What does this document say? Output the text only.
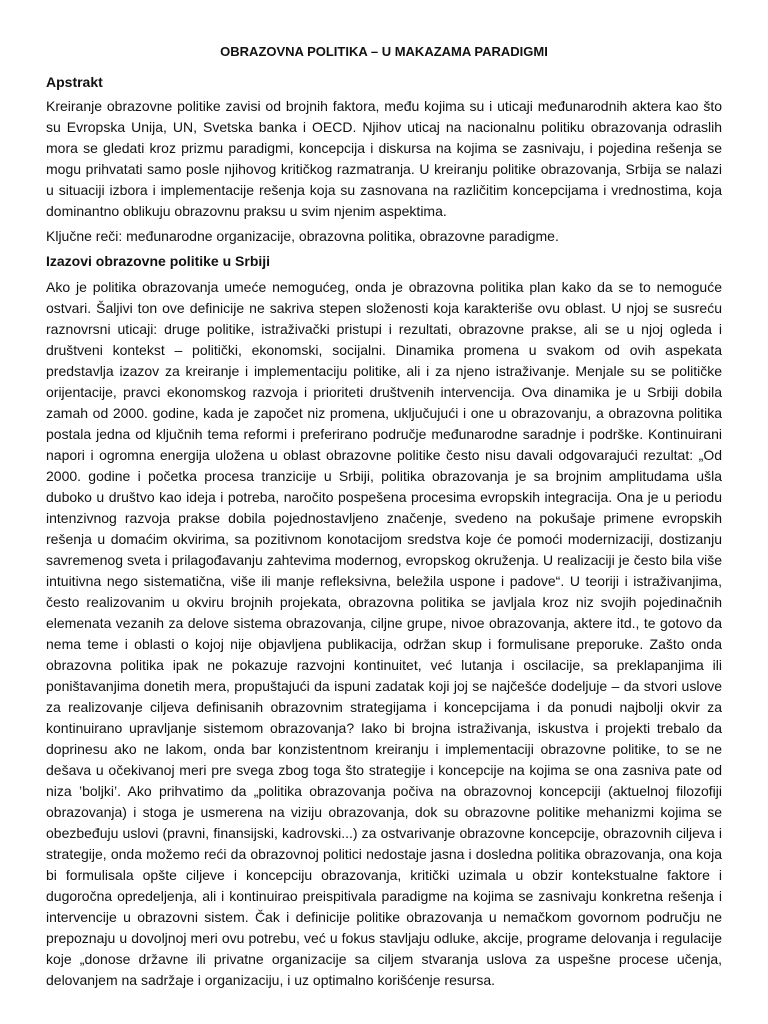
OBRAZOVNA POLITIKA – U MAKAZAMA PARADIGMI
Apstrakt

Kreiranje obrazovne politike zavisi od brojnih faktora, među kojima su i uticaji međunarodnih aktera kao što su Evropska Unija, UN, Svetska banka i OECD. Njihov uticaj na nacionalnu politiku obrazovanja odraslih mora se gledati kroz prizmu paradigmi, koncepcija i diskursa na kojima se zasnivaju, i pojedina rešenja se mogu prihvatati samo posle njihovog kritičkog razmatranja. U kreiranju politike obrazovanja, Srbija se nalazi u situaciji izbora i implementacije rešenja koja su zasnovana na različitim koncepcijama i vrednostima, koja dominantno oblikuju obrazovnu praksu u svim njenim aspektima.

Ključne reči: međunarodne organizacije, obrazovna politika, obrazovne paradigme.

Izazovi obrazovne politike u Srbiji

Ako je politika obrazovanja umeće nemogućeg, onda je obrazovna politika plan kako da se to nemoguće ostvari. Šaljivi ton ove definicije ne sakriva stepen složenosti koja karakteriše ovu oblast. U njoj se susreću raznovrsni uticaji: druge politike, istraživački pristupi i rezultati, obrazovne prakse, ali se u njoj ogleda i društveni kontekst – politički, ekonomski, socijalni. Dinamika promena u svakom od ovih aspekata predstavlja izazov za kreiranje i implementaciju politike, ali i za njeno istraživanje. Menjale su se političke orijentacije, pravci ekonomskog razvoja i prioriteti društvenih intervencija. Ova dinamika je u Srbiji dobila zamah od 2000. godine, kada je započet niz promena, uključujući i one u obrazovanju, a obrazovna politika postala jedna od ključnih tema reformi i preferirano područje međunarodne saradnje i podrške. Kontinuirani napori i ogromna energija uložena u oblast obrazovne politike često nisu davali odgovarajući rezultat: „Od 2000. godine i početka procesa tranzicije u Srbiji, politika obrazovanja je sa brojnim amplitudama ušla duboko u društvo kao ideja i potreba, naročito pospešena procesima evropskih integracija. Ona je u periodu intenzivnog razvoja prakse dobila pojednostavljeno značenje, svedeno na pokušaje primene evropskih rešenja u domaćim okvirima, sa pozitivnom konotacijom sredstva koje će pomoći modernizaciji, dostizanju savremenog sveta i prilagođavanju zahtevima modernog, evropskog okruženja. U realizaciji je često bila više intuitivna nego sistematična, više ili manje refleksivna, beležila uspone i padove“. U teoriji i istraživanjima, često realizovanim u okviru brojnih projekata, obrazovna politika se javljala kroz niz svojih pojedinačnih elemenata vezanih za delove sistema obrazovanja, ciljne grupe, nivoe obrazovanja, aktere itd., te gotovo da nema teme i oblasti o kojoj nije objavljena publikacija, održan skup i formulisane preporuke. Zašto onda obrazovna politika ipak ne pokazuje razvojni kontinuitet, već lutanja i oscilacije, sa preklapanjima ili poništavanjima donetih mera, propuštajući da ispuni zadatak koji joj se najčešće dodeljuje – da stvori uslove za realizovanje ciljeva definisanih obrazovnim strategijama i koncepcijama i da ponudi najbolji okvir za kontinuirano upravljanje sistemom obrazovanja? Iako bi brojna istraživanja, iskustva i projekti trebalo da doprinesu ako ne lakom, onda bar konzistentnom kreiranju i implementaciji obrazovne politike, to se ne dešava u očekivanoj meri pre svega zbog toga što strategije i koncepcije na kojima se ona zasniva pate od niza ’boljki’. Ako prihvatimo da „politika obrazovanja počiva na obrazovnoj koncepciji (aktuelnoj filozofiji obrazovanja) i stoga je usmerena na viziju obrazovanja, dok su obrazovne politike mehanizmi kojima se obezbeđuju uslovi (pravni, finansijski, kadrovski...) za ostvarivanje obrazovne koncepcije, obrazovnih ciljeva i strategije, onda možemo reći da obrazovnoj politici nedostaje jasna i dosledna politika obrazovanja, ona koja bi formulisala opšte ciljeve i koncepciju obrazovanja, kritički uzimala u obzir kontekstualne faktore i dugoročna opredeljenja, ali i kontinuirao preispitivala paradigme na kojima se zasnivaju konkretna rešenja i intervencije u obrazovni sistem. Čak i definicije politike obrazovanja u nemačkom govornom području ne prepoznaju u dovoljnoj meri ovu potrebu, već u fokus stavljaju odluke, akcije, programe delovanja i regulacije koje „donose državne ili privatne organizacije sa ciljem stvaranja uslova za uspešne procese učenja, delovanjem na sadržaje i organizaciju, i uz optimalno korišćenje resursa.
